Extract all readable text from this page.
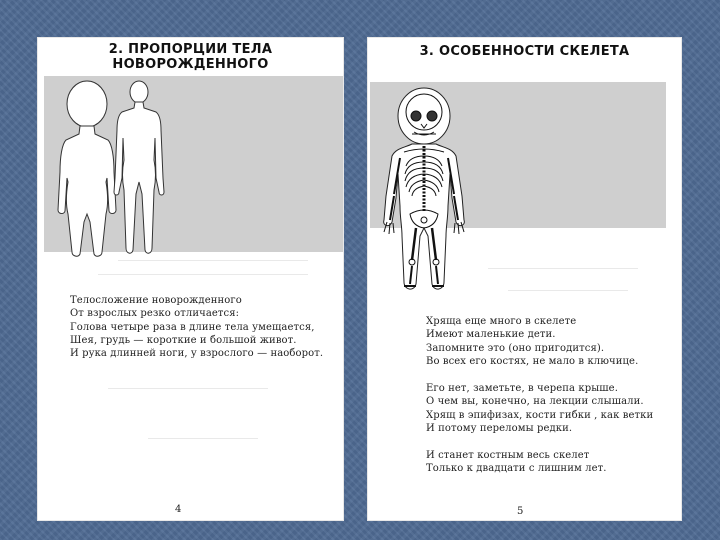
2. ПРОПОРЦИИ ТЕЛА
НОВОРОЖДЕННОГО
Телосложение новорожденного
От взрослых резко отличается:
Голова четыре раза в длине тела умещается,
Шея, грудь — короткие и большой живот.
И рука длинней ноги, у взрослого — наоборот.
4
3. ОСОБЕННОСТИ СКЕЛЕТА
Хряща еще много в скелете
Имеют маленькие дети.
Запомните это (оно пригодится).
Во всех его костях, не мало в ключице.
Его нет, заметьте, в черепа крыше.
О чем вы, конечно, на лекции слышали.
Хрящ в эпифизах, кости гибки , как ветки
И потому переломы редки.
И станет костным весь скелет
Только к двадцати с лишним лет.
5
